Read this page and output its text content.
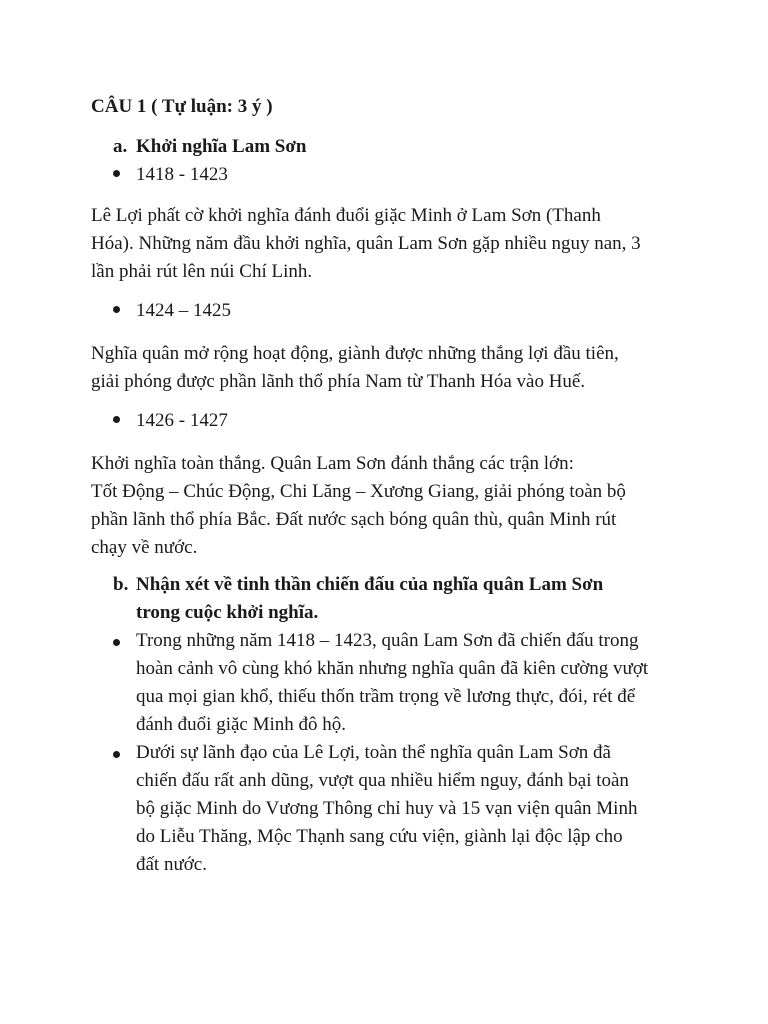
CÂU 1 ( Tự luận: 3 ý )
a. Khởi nghĩa Lam Sơn
1418 - 1423
Lê Lợi phất cờ khởi nghĩa đánh đuổi giặc Minh ở Lam Sơn (Thanh
Hóa). Những năm đầu khởi nghĩa, quân Lam Sơn gặp nhiều nguy nan, 3
lần phải rút lên núi Chí Linh.
1424 – 1425
Nghĩa quân mở rộng hoạt động, giành được những thắng lợi đầu tiên,
giải phóng được phần lãnh thổ phía Nam từ Thanh Hóa vào Huế.
1426 - 1427
Khởi nghĩa toàn thắng. Quân Lam Sơn đánh thắng các trận lớn:
Tốt Động – Chúc Động, Chi Lăng – Xương Giang, giải phóng toàn bộ
phần lãnh thổ phía Bắc. Đất nước sạch bóng quân thù, quân Minh rút
chạy về nước.
b. Nhận xét về tinh thần chiến đấu của nghĩa quân Lam Sơn
trong cuộc khởi nghĩa.
Trong những năm 1418 – 1423, quân Lam Sơn đã chiến đấu trong
hoàn cảnh vô cùng khó khăn nhưng nghĩa quân đã kiên cường vượt
qua mọi gian khổ, thiếu thốn trầm trọng về lương thực, đói, rét để
đánh đuổi giặc Minh đô hộ.
Dưới sự lãnh đạo của Lê Lợi, toàn thể nghĩa quân Lam Sơn đã
chiến đấu rất anh dũng, vượt qua nhiều hiểm nguy, đánh bại toàn
bộ giặc Minh do Vương Thông chỉ huy và 15 vạn viện quân Minh
do Liễu Thăng, Mộc Thạnh sang cứu viện, giành lại độc lập cho
đất nước.
